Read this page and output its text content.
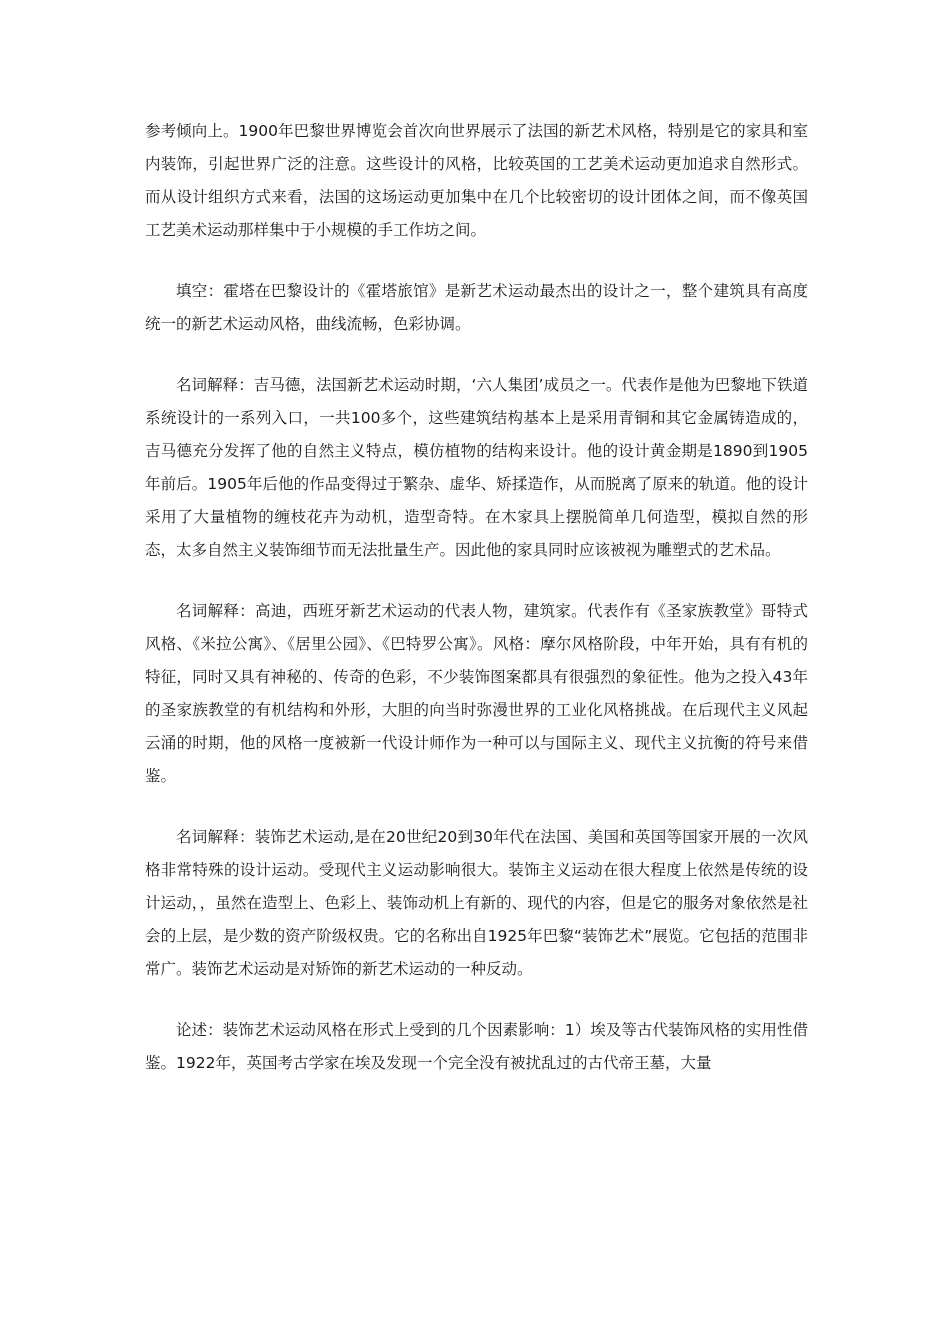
参考倾向上。1900年巴黎世界博览会首次向世界展示了法国的新艺术风格，特别是它的家具和室内装饰，引起世界广泛的注意。这些设计的风格，比较英国的工艺美术运动更加追求自然形式。而从设计组织方式来看，法国的这场运动更加集中在几个比较密切的设计团体之间，而不像英国工艺美术运动那样集中于小规模的手工作坊之间。

填空：霍塔在巴黎设计的《霍塔旅馆》是新艺术运动最杰出的设计之一，整个建筑具有高度统一的新艺术运动风格，曲线流畅，色彩协调。

名词解释：吉马德，法国新艺术运动时期，‘六人集团’成员之一。代表作是他为巴黎地下铁道系统设计的一系列入口，一共100多个，这些建筑结构基本上是采用青铜和其它金属铸造成的，吉马德充分发挥了他的自然主义特点，模仿植物的结构来设计。他的设计黄金期是1890到1905年前后。1905年后他的作品变得过于繁杂、虚华、矫揉造作，从而脱离了原来的轨道。他的设计采用了大量植物的缠枝花卉为动机，造型奇特。在木家具上摆脱简单几何造型，模拟自然的形态，太多自然主义装饰细节而无法批量生产。因此他的家具同时应该被视为雕塑式的艺术品。

名词解释：高迪，西班牙新艺术运动的代表人物，建筑家。代表作有《圣家族教堂》哥特式风格、《米拉公寓》、《居里公园》、《巴特罗公寓》。风格：摩尔风格阶段，中年开始，具有有机的特征，同时又具有神秘的、传奇的色彩，不少装饰图案都具有很强烈的象征性。他为之投入43年的圣家族教堂的有机结构和外形，大胆的向当时弥漫世界的工业化风格挑战。在后现代主义风起云涌的时期，他的风格一度被新一代设计师作为一种可以与国际主义、现代主义抗衡的符号来借鉴。

名词解释：装饰艺术运动,是在20世纪20到30年代在法国、美国和英国等国家开展的一次风格非常特殊的设计运动。受现代主义运动影响很大。装饰主义运动在很大程度上依然是传统的设计运动，，虽然在造型上、色彩上、装饰动机上有新的、现代的内容，但是它的服务对象依然是社会的上层，是少数的资产阶级权贵。它的名称出自1925年巴黎“装饰艺术”展览。它包括的范围非常广。装饰艺术运动是对矫饰的新艺术运动的一种反动。

论述：装饰艺术运动风格在形式上受到的几个因素影响：1）埃及等古代装饰风格的实用性借鉴。1922年，英国考古学家在埃及发现一个完全没有被扰乱过的古代帝王墓，大量
